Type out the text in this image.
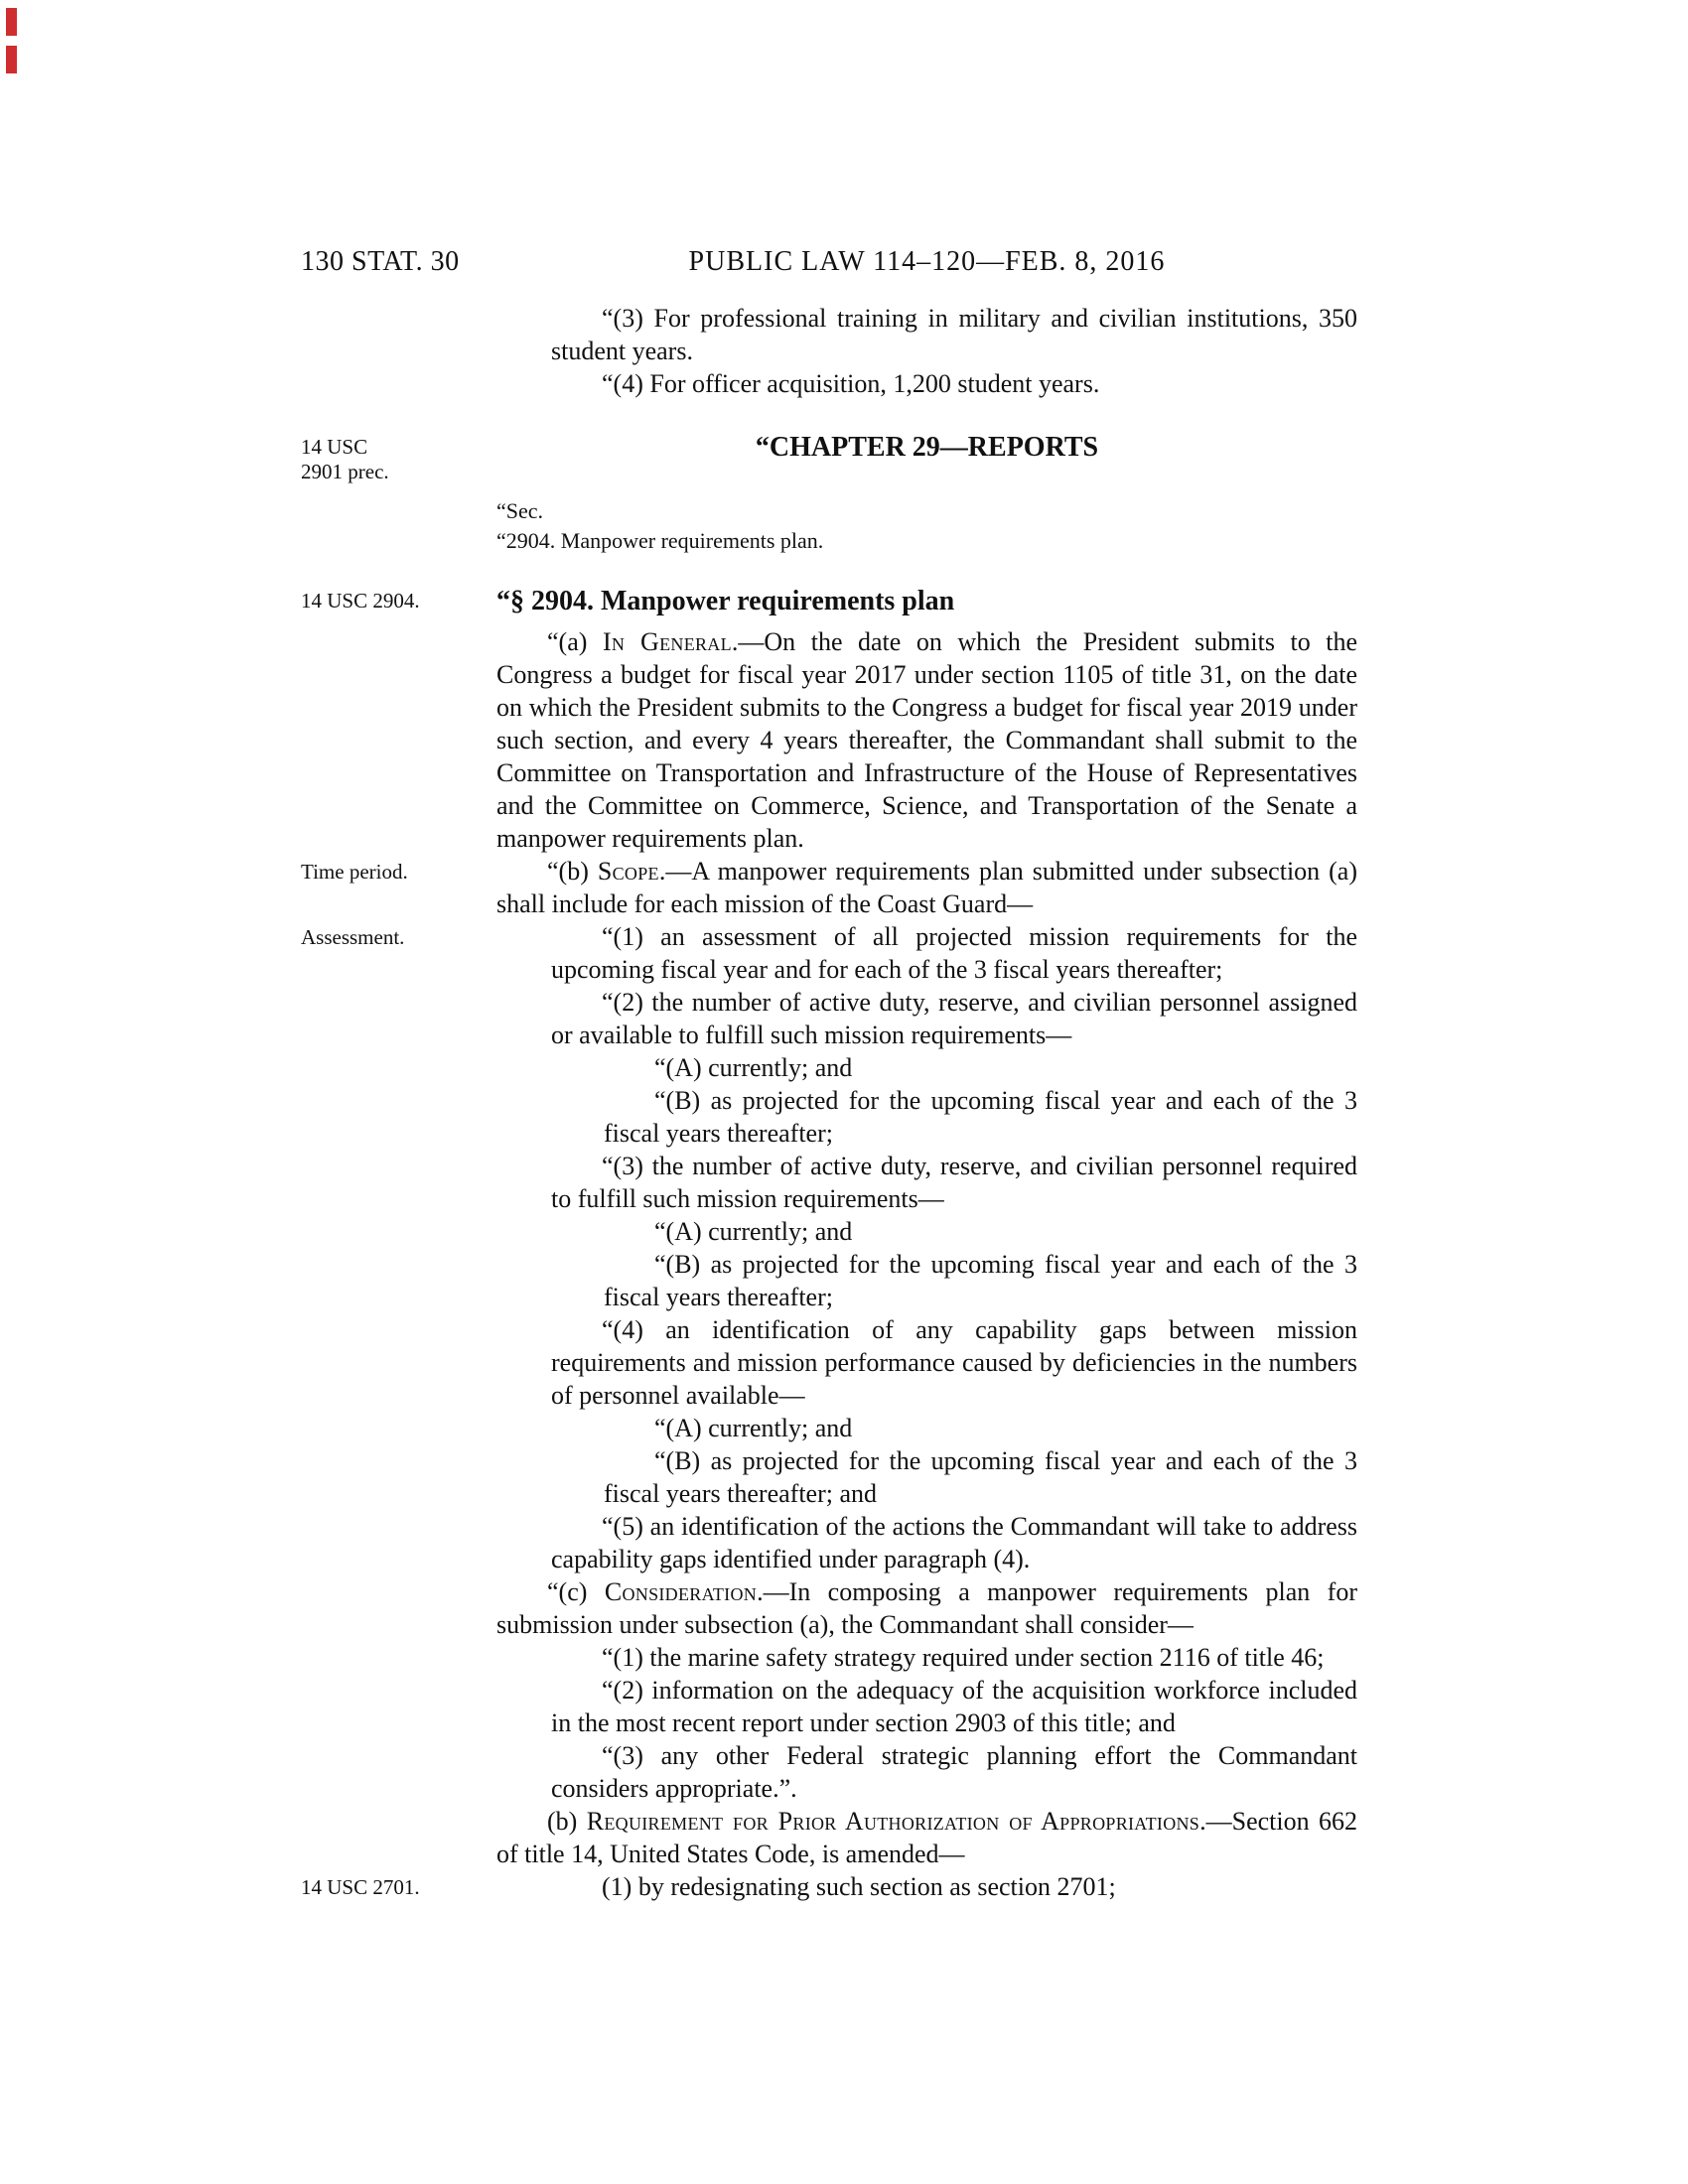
130 STAT. 30	PUBLIC LAW 114–120—FEB. 8, 2016

“(3) For professional training in military and civilian institutions, 350 student years.

“(4) For officer acquisition, 1,200 student years.

14 USC
2901 prec.
“CHAPTER 29—REPORTS
“Sec.
“2904. Manpower requirements plan.
14 USC 2904.	“§ 2904. Manpower requirements plan

“(a) In General.—On the date on which the President submits to the Congress a budget for fiscal year 2017 under section 1105 of title 31, on the date on which the President submits to the Congress a budget for fiscal year 2019 under such section, and every 4 years thereafter, the Commandant shall submit to the Committee on Transportation and Infrastructure of the House of Representatives and the Committee on Commerce, Science, and Transportation of the Senate a manpower requirements plan.

Time period.	“(b) Scope.—A manpower requirements plan submitted under subsection (a) shall include for each mission of the Coast Guard—

Assessment.	“(1) an assessment of all projected mission requirements for the upcoming fiscal year and for each of the 3 fiscal years thereafter;

“(2) the number of active duty, reserve, and civilian personnel assigned or available to fulfill such mission requirements—

“(A) currently; and

“(B) as projected for the upcoming fiscal year and each of the 3 fiscal years thereafter;

“(3) the number of active duty, reserve, and civilian personnel required to fulfill such mission requirements—

“(A) currently; and

“(B) as projected for the upcoming fiscal year and each of the 3 fiscal years thereafter;

“(4) an identification of any capability gaps between mission requirements and mission performance caused by deficiencies in the numbers of personnel available—

“(A) currently; and

“(B) as projected for the upcoming fiscal year and each of the 3 fiscal years thereafter; and

“(5) an identification of the actions the Commandant will take to address capability gaps identified under paragraph (4).

“(c) Consideration.—In composing a manpower requirements plan for submission under subsection (a), the Commandant shall consider—

“(1) the marine safety strategy required under section 2116 of title 46;

“(2) information on the adequacy of the acquisition workforce included in the most recent report under section 2903 of this title; and

“(3) any other Federal strategic planning effort the Commandant considers appropriate.”.

(b) Requirement for Prior Authorization of Appropriations.—Section 662 of title 14, United States Code, is amended—

14 USC 2701.	(1) by redesignating such section as section 2701;
